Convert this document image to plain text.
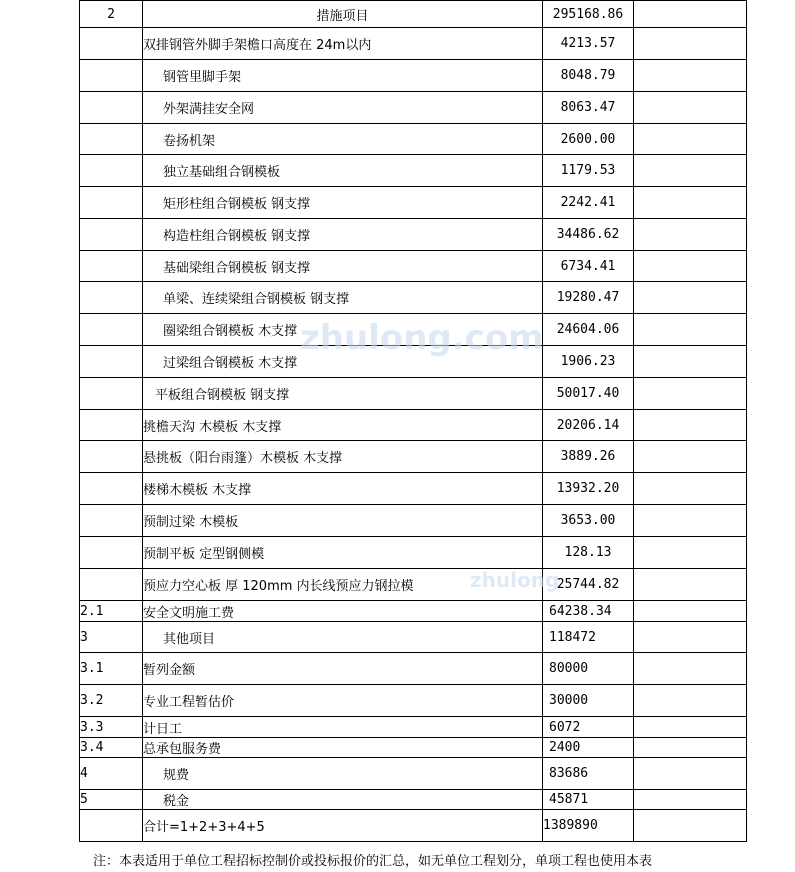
2	措施项目	295168.86	
	双排钢管外脚手架檐口高度在 24m以内	4213.57	
	钢管里脚手架	8048.79	
	外架满挂安全网	8063.47	
	卷扬机架	2600.00	
	独立基础组合钢模板	1179.53	
	矩形柱组合钢模板 钢支撑	2242.41	
	构造柱组合钢模板 钢支撑	34486.62	
	基础梁组合钢模板 钢支撑	6734.41	
	单梁、连续梁组合钢模板 钢支撑	19280.47	
	圈梁组合钢模板 木支撑	24604.06	
	过梁组合钢模板 木支撑	1906.23	
	平板组合钢模板 钢支撑	50017.40	
	挑檐天沟 木模板 木支撑	20206.14	
	悬挑板（阳台雨篷）木模板 木支撑	3889.26	
	楼梯木模板 木支撑	13932.20	
	预制过梁 木模板	3653.00	
	预制平板 定型钢侧模	128.13	
	预应力空心板 厚 120mm 内长线预应力钢拉模	25744.82	
2.1	安全文明施工费	64238.34	
3	其他项目	118472	
3.1	暂列金额	80000	
3.2	专业工程暂估价	30000	
3.3	计日工	6072	
3.4	总承包服务费	2400	
4	规费	83686	
5	税金	45871	
	合计=1+2+3+4+5	1389890	
zhulong.com
zhulong
注：本表适用于单位工程招标控制价或投标报价的汇总，如无单位工程划分，单项工程也使用本表
